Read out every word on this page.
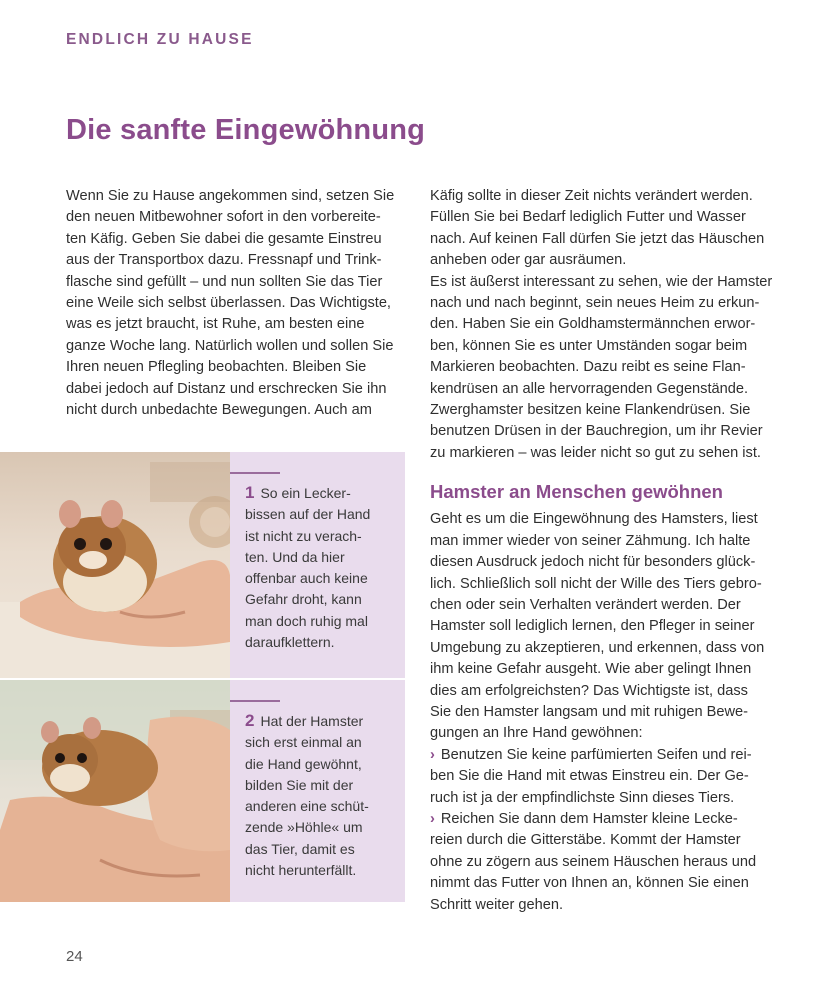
ENDLICH ZU HAUSE
Die sanfte Eingewöhnung

Wenn Sie zu Hause angekommen sind, setzen Sie
den neuen Mitbewohner sofort in den vorbereite-
ten Käfig. Geben Sie dabei die gesamte Einstreu
aus der Transportbox dazu. Fressnapf und Trink-
flasche sind gefüllt – und nun sollten Sie das Tier
eine Weile sich selbst überlassen. Das Wichtigste,
was es jetzt braucht, ist Ruhe, am besten eine
ganze Woche lang. Natürlich wollen und sollen Sie
Ihren neuen Pflegling beobachten. Bleiben Sie
dabei jedoch auf Distanz und erschrecken Sie ihn
nicht durch unbedachte Bewegungen. Auch am

Käfig sollte in dieser Zeit nichts verändert werden.
Füllen Sie bei Bedarf lediglich Futter und Wasser
nach. Auf keinen Fall dürfen Sie jetzt das Häuschen
anheben oder gar ausräumen.

Es ist äußerst interessant zu sehen, wie der Hamster
nach und nach beginnt, sein neues Heim zu erkun-
den. Haben Sie ein Goldhamstermännchen erwor-
ben, können Sie es unter Umständen sogar beim
Markieren beobachten. Dazu reibt es seine Flan-
kendrüsen an alle hervorragenden Gegenstände.
Zwerghamster besitzen keine Flankendrüsen. Sie
benutzen Drüsen in der Bauchregion, um ihr Revier
zu markieren – was leider nicht so gut zu sehen ist.

Hamster an Menschen gewöhnen

Geht es um die Eingewöhnung des Hamsters, liest
man immer wieder von seiner Zähmung. Ich halte
diesen Ausdruck jedoch nicht für besonders glück-
lich. Schließlich soll nicht der Wille des Tiers gebro-
chen oder sein Verhalten verändert werden. Der
Hamster soll lediglich lernen, den Pfleger in seiner
Umgebung zu akzeptieren, und erkennen, dass von
ihm keine Gefahr ausgeht. Wie aber gelingt Ihnen
dies am erfolgreichsten? Das Wichtigste ist, dass
Sie den Hamster langsam und mit ruhigen Bewe-
gungen an Ihre Hand gewöhnen:

› Benutzen Sie keine parfümierten Seifen und rei-
ben Sie die Hand mit etwas Einstreu ein. Der Ge-
ruch ist ja der empfindlichste Sinn dieses Tiers.

› Reichen Sie dann dem Hamster kleine Lecke-
reien durch die Gitterstäbe. Kommt der Hamster
ohne zu zögern aus seinem Häuschen heraus und
nimmt das Futter von Ihnen an, können Sie einen
Schritt weiter gehen.

1 So ein Lecker-

bissen auf der Hand
ist nicht zu verach-
ten. Und da hier
offenbar auch keine
Gefahr droht, kann
man doch ruhig mal
daraufklettern.
2 Hat der Hamster

sich erst einmal an
die Hand gewöhnt,
bilden Sie mit der
anderen eine schüt-
zende »Höhle« um
das Tier, damit es
nicht herunterfällt.
24
